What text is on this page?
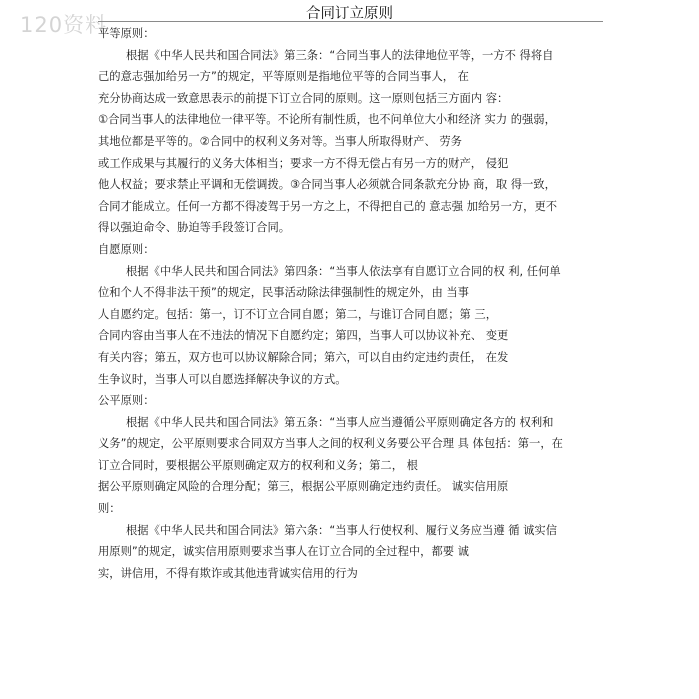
120资料	合同订立原则
平等原则：
根据《中华人民共和国合同法》第三条：“合同当事人的法律地位平等，一方不 得将自
己的意志强加给另一方”的规定，平等原则是指地位平等的合同当事人， 在
充分协商达成一致意思表示的前提下订立合同的原则。这一原则包括三方面内 容：
①合同当事人的法律地位一律平等。不论所有制性质，也不问单位大小和经济 实力 的强弱，
其地位都是平等的。②合同中的权利义务对等。当事人所取得财产、 劳务
或工作成果与其履行的义务大体相当；要求一方不得无偿占有另一方的财产， 侵犯
他人权益；要求禁止平调和无偿调拨。③合同当事人必须就合同条款充分协 商，取 得一致，
合同才能成立。任何一方都不得凌驾于另一方之上，不得把自己的 意志强 加给另一方，更不
得以强迫命令、胁迫等手段签订合同。
自愿原则：
根据《中华人民共和国合同法》第四条：“当事人依法享有自愿订立合同的权 利, 任何单
位和个人不得非法干预”的规定，民事活动除法律强制性的规定外，由 当事
人自愿约定。包括：第一，订不订立合同自愿；第二，与谁订合同自愿；第 三，
合同内容由当事人在不违法的情况下自愿约定；第四，当事人可以协议补充、 变更
有关内容；第五，双方也可以协议解除合同；第六，可以自由约定违约责任， 在发
生争议时，当事人可以自愿选择解决争议的方式。
公平原则：
根据《中华人民共和国合同法》第五条：“当事人应当遵循公平原则确定各方的 权利和
义务”的规定，公平原则要求合同双方当事人之间的权利义务要公平合理 具 体包括：第一，在
订立合同时，要根据公平原则确定双方的权利和义务；第二， 根
据公平原则确定风险的合理分配；第三，根据公平原则确定违约责任。 诚实信用原
则：
根据《中华人民共和国合同法》第六条：“当事人行使权利、履行义务应当遵 循 诚实信
用原则”的规定，诚实信用原则要求当事人在订立合同的全过程中，都要 诚
实，讲信用，不得有欺诈或其他违背诚实信用的行为
